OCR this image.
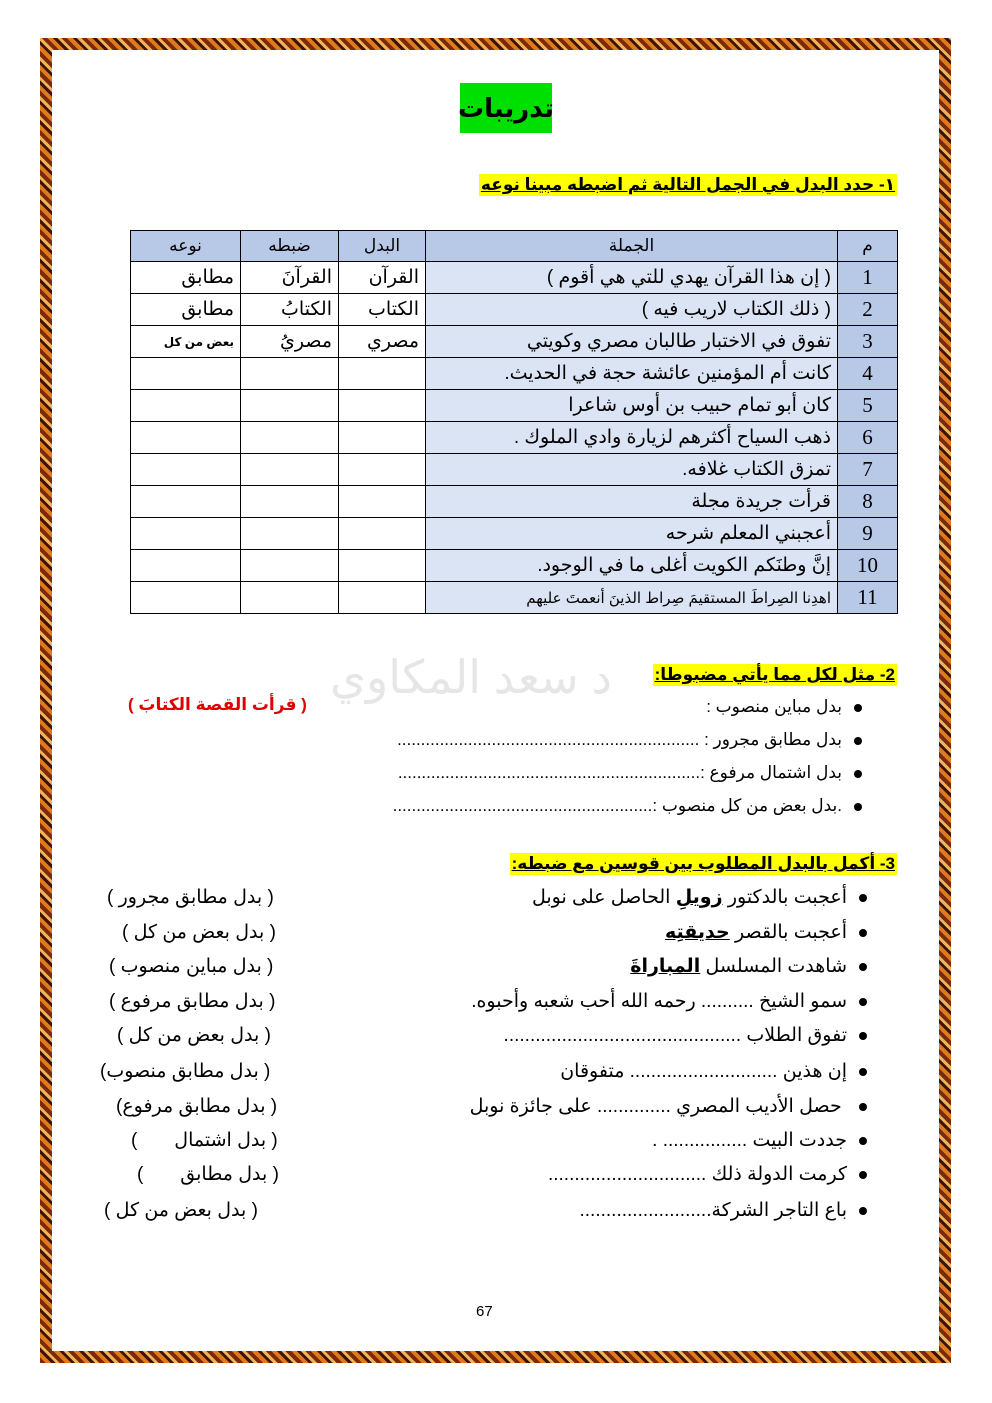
تدريبات
١- حدد البدل في الجمل التالية ثم اضبطه مبينا نوعه
م	الجملة	البدل	ضبطه	نوعه
1	( إن هذا القرآن يهدي للتي هي أقوم )	القرآن	القرآنَ	مطابق
2	( ذلك الكتاب لاريب فيه )	الكتاب	الكتابُ	مطابق
3	تفوق في الاختبار طالبان مصري وكويتي	مصري	مصريُ	بعض من كل
4	كانت أم المؤمنين عائشة حجة في الحديث.			
5	كان أبو تمام حبيب بن أوس شاعرا			
6	ذهب السياح أكثرهم لزيارة وادي الملوك .			
7	تمزق الكتاب غلافه.			
8	قرأت جريدة مجلة			
9	أعجبني المعلم شرحه			
10	إنَّ وطنَكم الكويت أغلى ما في الوجود.			
11	اهدِنا الصِراطَ المستقيمَ صِراط الذينَ أنعمتَ عليهم			
د سعد المكاوي	2- مثل لكل مما يأتي مضبوطا:
بدل مباين منصوب :
( قرأت القصة الكتابَ )
بدل مطابق مجرور : ................................................................
بدل اشتمال مرفوع :................................................................
.بدل بعض من كل منصوب :.......................................................
3- أكمل بالبدل المطلوب بين قوسين مع ضبطه:
أعجبت بالدكتور زويلِ الحاصل على نوبل
( بدل مطابق مجرور )
أعجبت بالقصر حديقتِه
( بدل بعض من كل )
شاهدت المسلسل المباراةَ
( بدل مباين منصوب )
سمو الشيخ .......... رحمه الله أحب شعبه وأحبوه.
( بدل مطابق مرفوع )
تفوق الطلاب .............................................
( بدل بعض من كل )
إن هذين ............................ متفوقان
( بدل مطابق منصوب)
حصل الأديب المصري .............. على جائزة نوبل
( بدل مطابق مرفوع)
جددت البيت ................ .
( بدل اشتمال       )
كرمت الدولة ذلك ..............................
( بدل مطابق       )
باع التاجر الشركة.........................
( بدل بعض من كل )
67
